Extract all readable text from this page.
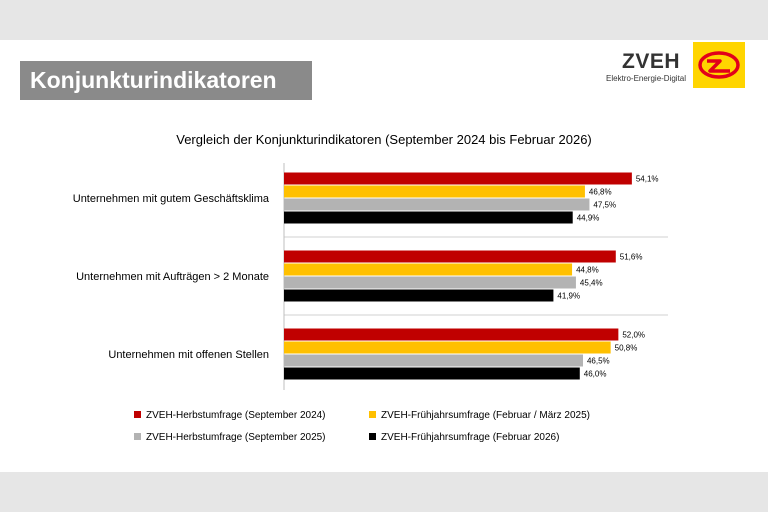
Konjunkturindikatoren
ZVEH
Elektro-Energie-Digital
Vergleich der Konjunkturindikatoren (September 2024 bis Februar 2026)
Unternehmen mit gutem Geschäftsklima
Unternehmen mit Aufträgen > 2 Monate
Unternehmen mit offenen Stellen
54,1%
46,8%
47,5%
44,9%
51,6%
44,8%
45,4%
41,9%
52,0%
50,8%
46,5%
46,0%
ZVEH-Herbstumfrage (September 2024)	ZVEH-Frühjahrsumfrage (Februar / März 2025)
ZVEH-Herbstumfrage (September 2025)	ZVEH-Frühjahrsumfrage (Februar 2026)
